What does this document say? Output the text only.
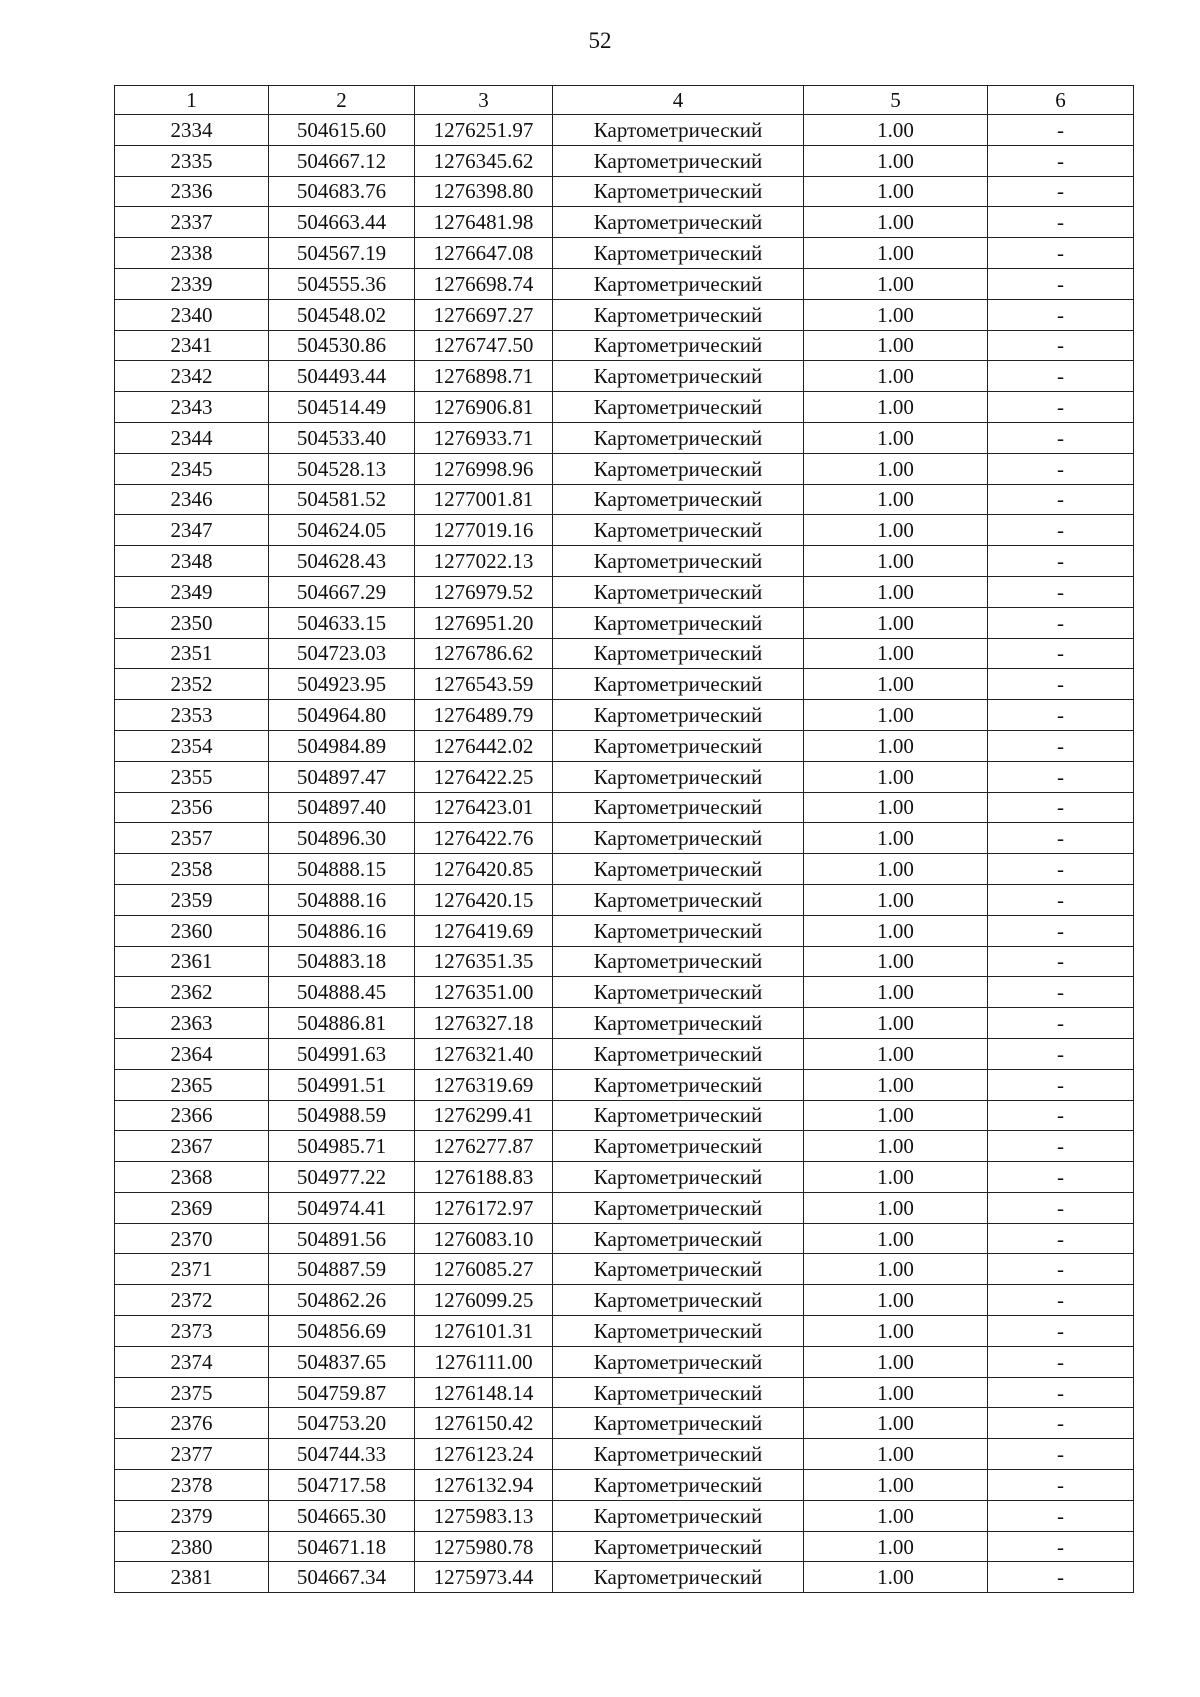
52
1	2	3	4	5	6
2334	504615.60	1276251.97	Картометрический	1.00	-
2335	504667.12	1276345.62	Картометрический	1.00	-
2336	504683.76	1276398.80	Картометрический	1.00	-
2337	504663.44	1276481.98	Картометрический	1.00	-
2338	504567.19	1276647.08	Картометрический	1.00	-
2339	504555.36	1276698.74	Картометрический	1.00	-
2340	504548.02	1276697.27	Картометрический	1.00	-
2341	504530.86	1276747.50	Картометрический	1.00	-
2342	504493.44	1276898.71	Картометрический	1.00	-
2343	504514.49	1276906.81	Картометрический	1.00	-
2344	504533.40	1276933.71	Картометрический	1.00	-
2345	504528.13	1276998.96	Картометрический	1.00	-
2346	504581.52	1277001.81	Картометрический	1.00	-
2347	504624.05	1277019.16	Картометрический	1.00	-
2348	504628.43	1277022.13	Картометрический	1.00	-
2349	504667.29	1276979.52	Картометрический	1.00	-
2350	504633.15	1276951.20	Картометрический	1.00	-
2351	504723.03	1276786.62	Картометрический	1.00	-
2352	504923.95	1276543.59	Картометрический	1.00	-
2353	504964.80	1276489.79	Картометрический	1.00	-
2354	504984.89	1276442.02	Картометрический	1.00	-
2355	504897.47	1276422.25	Картометрический	1.00	-
2356	504897.40	1276423.01	Картометрический	1.00	-
2357	504896.30	1276422.76	Картометрический	1.00	-
2358	504888.15	1276420.85	Картометрический	1.00	-
2359	504888.16	1276420.15	Картометрический	1.00	-
2360	504886.16	1276419.69	Картометрический	1.00	-
2361	504883.18	1276351.35	Картометрический	1.00	-
2362	504888.45	1276351.00	Картометрический	1.00	-
2363	504886.81	1276327.18	Картометрический	1.00	-
2364	504991.63	1276321.40	Картометрический	1.00	-
2365	504991.51	1276319.69	Картометрический	1.00	-
2366	504988.59	1276299.41	Картометрический	1.00	-
2367	504985.71	1276277.87	Картометрический	1.00	-
2368	504977.22	1276188.83	Картометрический	1.00	-
2369	504974.41	1276172.97	Картометрический	1.00	-
2370	504891.56	1276083.10	Картометрический	1.00	-
2371	504887.59	1276085.27	Картометрический	1.00	-
2372	504862.26	1276099.25	Картометрический	1.00	-
2373	504856.69	1276101.31	Картометрический	1.00	-
2374	504837.65	1276111.00	Картометрический	1.00	-
2375	504759.87	1276148.14	Картометрический	1.00	-
2376	504753.20	1276150.42	Картометрический	1.00	-
2377	504744.33	1276123.24	Картометрический	1.00	-
2378	504717.58	1276132.94	Картометрический	1.00	-
2379	504665.30	1275983.13	Картометрический	1.00	-
2380	504671.18	1275980.78	Картометрический	1.00	-
2381	504667.34	1275973.44	Картометрический	1.00	-
